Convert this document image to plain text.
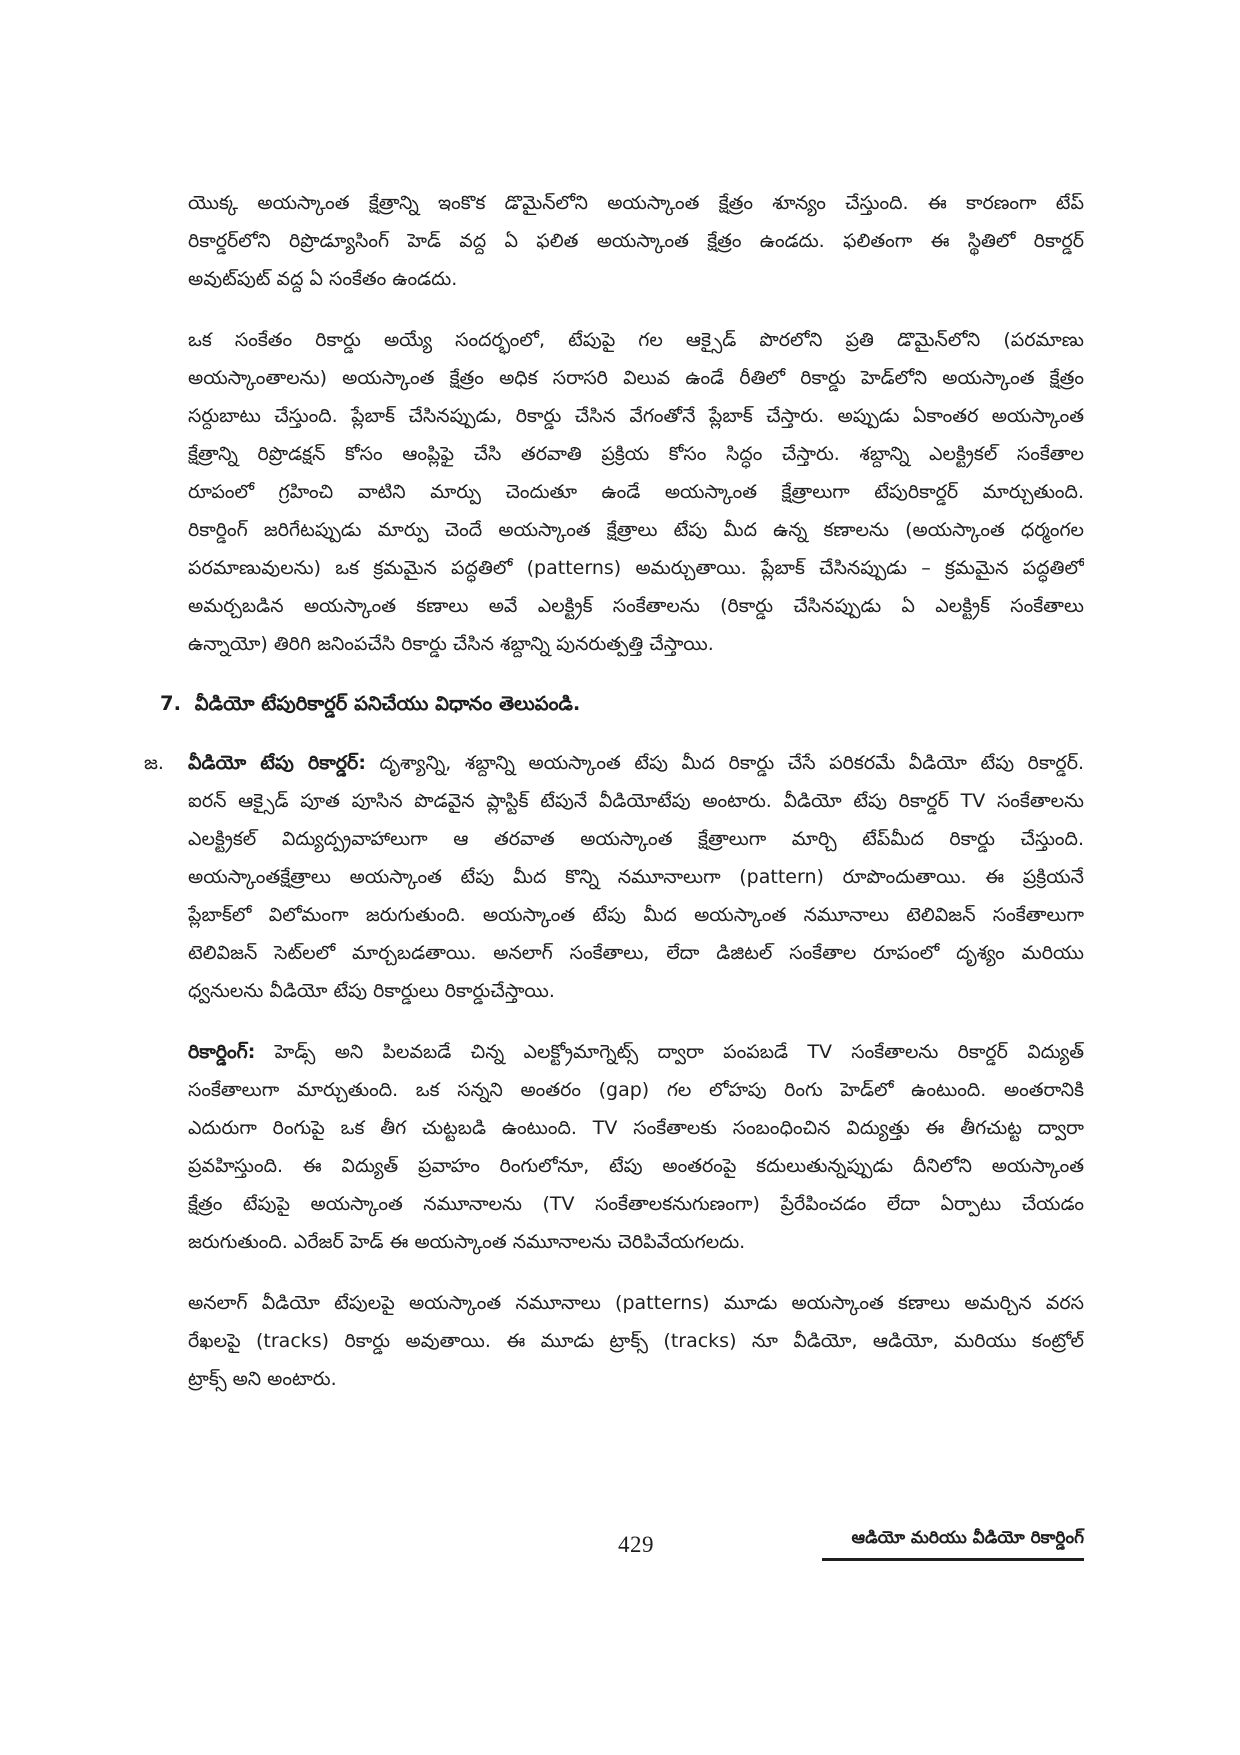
యొక్క అయస్కాంత క్షేత్రాన్ని ఇంకొక డొమైన్‌లోని అయస్కాంత క్షేత్రం శూన్యం చేస్తుంది. ఈ కారణంగా టేప్
రికార్డర్‌లోని రిప్రొడ్యూసింగ్ హెడ్ వద్ద ఏ ఫలిత అయస్కాంత క్షేత్రం ఉండదు. ఫలితంగా ఈ స్థితిలో రికార్డర్
అవుట్‌పుట్ వద్ద ఏ సంకేతం ఉండదు.

ఒక సంకేతం రికార్డు అయ్యే సందర్భంలో, టేపుపై గల ఆక్సైడ్ పొరలోని ప్రతి డొమైన్‌లోని (పరమాణు
అయస్కాంతాలను) అయస్కాంత క్షేత్రం అధిక సరాసరి విలువ ఉండే రీతిలో రికార్డు హెడ్‌లోని అయస్కాంత క్షేత్రం
సర్దుబాటు చేస్తుంది. ప్లేబాక్ చేసినప్పుడు, రికార్డు చేసిన వేగంతోనే ప్లేబాక్ చేస్తారు. అప్పుడు ఏకాంతర అయస్కాంత
క్షేత్రాన్ని రిప్రొడక్షన్ కోసం ఆంప్లిఫై చేసి తరవాతి ప్రక్రియ కోసం సిద్ధం చేస్తారు. శబ్దాన్ని ఎలక్ట్రికల్ సంకేతాల
రూపంలో గ్రహించి వాటిని మార్పు చెందుతూ ఉండే అయస్కాంత క్షేత్రాలుగా టేపురికార్డర్ మార్చుతుంది.
రికార్డింగ్ జరిగేటప్పుడు మార్పు చెందే అయస్కాంత క్షేత్రాలు టేపు మీద ఉన్న కణాలను (అయస్కాంత ధర్మంగల
పరమాణువులను) ఒక క్రమమైన పద్ధతిలో (patterns) అమర్చుతాయి. ప్లేబాక్ చేసినప్పుడు – క్రమమైన పద్ధతిలో
అమర్చబడిన అయస్కాంత కణాలు అవే ఎలక్ట్రిక్ సంకేతాలను (రికార్డు చేసినప్పుడు ఏ ఎలక్ట్రిక్ సంకేతాలు
ఉన్నాయో) తిరిగి జనింపచేసి రికార్డు చేసిన శబ్దాన్ని పునరుత్పత్తి చేస్తాయి.

7. వీడియో టేపురికార్డర్ పనిచేయు విధానం తెలుపండి.
జ. వీడియో టేపు రికార్డర్: దృశ్యాన్ని, శబ్దాన్ని అయస్కాంత టేపు మీద రికార్డు చేసే పరికరమే వీడియో టేపు రికార్డర్.
ఐరన్ ఆక్సైడ్ పూత పూసిన పొడవైన ప్లాస్టిక్ టేపునే వీడియోటేపు అంటారు. వీడియో టేపు రికార్డర్ TV సంకేతాలను
ఎలక్ట్రికల్ విద్యుద్ప్రవాహాలుగా ఆ తరవాత అయస్కాంత క్షేత్రాలుగా మార్చి టేప్‌మీద రికార్డు చేస్తుంది.
అయస్కాంతక్షేత్రాలు అయస్కాంత టేపు మీద కొన్ని నమూనాలుగా (pattern) రూపొందుతాయి. ఈ ప్రక్రియనే
ప్లేబాక్‌లో విలోమంగా జరుగుతుంది. అయస్కాంత టేపు మీద అయస్కాంత నమూనాలు టెలివిజన్ సంకేతాలుగా
టెలివిజన్ సెట్‌లలో మార్చబడతాయి. అనలాగ్ సంకేతాలు, లేదా డిజిటల్ సంకేతాల రూపంలో దృశ్యం మరియు
ధ్వనులను వీడియో టేపు రికార్డులు రికార్డుచేస్తాయి.

రికార్డింగ్: హెడ్స్ అని పిలవబడే చిన్న ఎలక్ట్రోమాగ్నెట్స్ ద్వారా పంపబడే TV సంకేతాలను రికార్డర్ విద్యుత్
సంకేతాలుగా మార్చుతుంది. ఒక సన్నని అంతరం (gap) గల లోహపు రింగు హెడ్‌లో ఉంటుంది. అంతరానికి
ఎదురుగా రింగుపై ఒక తీగ చుట్టబడి ఉంటుంది. TV సంకేతాలకు సంబంధించిన విద్యుత్తు ఈ తీగచుట్ట ద్వారా
ప్రవహిస్తుంది. ఈ విద్యుత్ ప్రవాహం రింగులోనూ, టేపు అంతరంపై కదులుతున్నప్పుడు దీనిలోని అయస్కాంత
క్షేత్రం టేపుపై అయస్కాంత నమూనాలను (TV సంకేతాలకనుగుణంగా) ప్రేరేపించడం లేదా ఏర్పాటు చేయడం
జరుగుతుంది. ఎరేజర్ హెడ్ ఈ అయస్కాంత నమూనాలను చెరిపివేయగలదు.

అనలాగ్ వీడియో టేపులపై అయస్కాంత నమూనాలు (patterns) మూడు అయస్కాంత కణాలు అమర్చిన వరస
రేఖలపై (tracks) రికార్డు అవుతాయి. ఈ మూడు ట్రాక్స్ (tracks) నూ వీడియో, ఆడియో, మరియు కంట్రోల్
ట్రాక్స్ అని అంటారు.

429	ఆడియో మరియు వీడియో రికార్డింగ్
